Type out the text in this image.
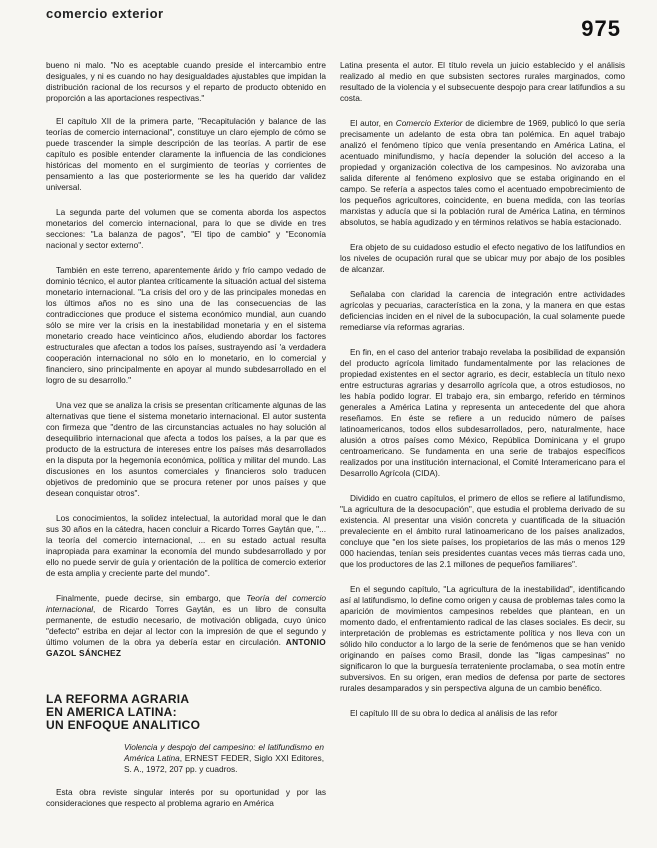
comercio exterior
975

bueno ni malo. "No es aceptable cuando preside el intercambio entre desiguales, y ni es cuando no hay desigualdades ajustables que impidan la distribución racional de los recursos y el reparto de producto obtenido en proporción a las aportaciones respectivas."

El capítulo XII de la primera parte, "Recapitulación y balance de las teorías de comercio internacional", constituye un claro ejemplo de cómo se puede trascender la simple descripción de las teorías. A partir de ese capítulo es posible entender claramente la influencia de las condiciones históricas del momento en el surgimiento de teorías y corrientes de pensamiento a las que posteriormente se les ha querido dar validez universal.

La segunda parte del volumen que se comenta aborda los aspectos monetarios del comercio internacional, para lo que se divide en tres secciones: "La balanza de pagos", "El tipo de cambio" y "Economía nacional y sector externo".

También en este terreno, aparentemente árido y frío campo vedado de dominio técnico, el autor plantea críticamente la situación actual del sistema monetario internacional. "La crisis del oro y de las principales monedas en los últimos años no es sino una de las consecuencias de las contradicciones que produce el sistema económico mundial, aun cuando sólo se mire ver la crisis en la inestabilidad monetaria y en el sistema monetario creado hace veinticinco años, eludiendo abordar los factores estructurales que afectan a todos los países, sustrayendo así 'a verdadera cooperación internacional no sólo en lo monetario, en lo comercial y financiero, sino principalmente en apoyar al mundo subdesarrollado en el logro de su desarrollo."

Una vez que se analiza la crisis se presentan críticamente algunas de las alternativas que tiene el sistema monetario internacional. El autor sustenta con firmeza que "dentro de las circunstancias actuales no hay solución al desequilibrio internacional que afecta a todos los países, a la par que es producto de la estructura de intereses entre los países más desarrollados en la disputa por la hegemonía económica, política y militar del mundo. Las discusiones en los asuntos comerciales y financieros solo traducen objetivos de predominio que se procura retener por unos países y que desean conquistar otros".

Los conocimientos, la solidez intelectual, la autoridad moral que le dan sus 30 años en la cátedra, hacen concluir a Ricardo Torres Gaytán que, "... la teoría del comercio internacional, ... en su estado actual resulta inapropiada para examinar la economía del mundo subdesarrollado y por ello no puede servir de guía y orientación de la política de comercio exterior de esta amplia y creciente parte del mundo".

Finalmente, puede decirse, sin embargo, que Teoría del comercio internacional, de Ricardo Torres Gaytán, es un libro de consulta permanente, de estudio necesario, de motivación obligada, cuyo único "defecto" estriba en dejar al lector con la impresión de que el segundo y último volumen de la obra ya debería estar en circulación. ANTONIO GAZOL SÁNCHEZ

LA REFORMA AGRARIA
EN AMERICA LATINA:
UN ENFOQUE ANALITICO
Violencia y despojo del campesino: el latifundismo en América Latina, ERNEST FEDER, Siglo XXI Editores, S. A., 1972, 207 pp. y cuadros.

Esta obra reviste singular interés por su oportunidad y por las consideraciones que respecto al problema agrario en América

Latina presenta el autor. El título revela un juicio establecido y el análisis realizado al medio en que subsisten sectores rurales marginados, como resultado de la violencia y el subsecuente despojo para crear latifundios a su costa.

El autor, en Comercio Exterior de diciembre de 1969, publicó lo que sería precisamente un adelanto de esta obra tan polémica. En aquel trabajo analizó el fenómeno típico que venía presentando en América Latina, el acentuado minifundismo, y hacía depender la solución del acceso a la propiedad y organización colectiva de los campesinos. No avizoraba una salida diferente al fenómeno explosivo que se estaba originando en el campo. Se refería a aspectos tales como el acentuado empobrecimiento de los pequeños agricultores, coincidente, en buena medida, con las teorías marxistas y aducía que si la población rural de América Latina, en términos absolutos, se había agudizado y en términos relativos se había estacionado.

Era objeto de su cuidadoso estudio el efecto negativo de los latifundios en los niveles de ocupación rural que se ubicar muy por abajo de los posibles de alcanzar.

Señalaba con claridad la carencia de integración entre actividades agrícolas y pecuarias, característica en la zona, y la manera en que estas deficiencias inciden en el nivel de la subocupación, la cual solamente puede remediarse vía reformas agrarias.

En fin, en el caso del anterior trabajo revelaba la posibilidad de expansión del producto agrícola limitado fundamentalmente por las relaciones de propiedad existentes en el sector agrario, es decir, establecía un título nexo entre estructuras agrarias y desarrollo agrícola que, a otros estudiosos, no les había podido lograr. El trabajo era, sin embargo, referido en términos generales a América Latina y representa un antecedente del que ahora reseñamos. En éste se refiere a un reducido número de países latinoamericanos, todos ellos subdesarrollados, pero, naturalmente, hace alusión a otros países como México, República Dominicana y el grupo centroamericano. Se fundamenta en una serie de trabajos específicos realizados por una institución internacional, el Comité Interamericano para el Desarrollo Agrícola (CIDA).

Dividido en cuatro capítulos, el primero de ellos se refiere al latifundismo, "La agricultura de la desocupación", que estudia el problema derivado de su existencia. Al presentar una visión concreta y cuantificada de la situación prevaleciente en el ámbito rural latinoamericano de los países analizados, concluye que "en los siete países, los propietarios de las más o menos 129 000 haciendas, tenían seis presidentes cuantas veces más tierras cada uno, que los productores de las 2.1 millones de pequeños familiares".

En el segundo capítulo, "La agricultura de la inestabilidad", identificando así al latifundismo, lo define como origen y causa de problemas tales como la aparición de movimientos campesinos rebeldes que plantean, en un momento dado, el enfrentamiento radical de las clases sociales. Es decir, su interpretación de problemas es estrictamente política y nos lleva con un sólido hilo conductor a lo largo de la serie de fenómenos que se han venido originando en países como Brasil, donde las "ligas campesinas" no significaron lo que la burguesía terrateniente proclamaba, o sea motín entre subversivos. En su origen, eran medios de defensa por parte de sectores rurales desamparados y sin perspectiva alguna de un cambio benéfico.

El capítulo III de su obra lo dedica al análisis de las refor
